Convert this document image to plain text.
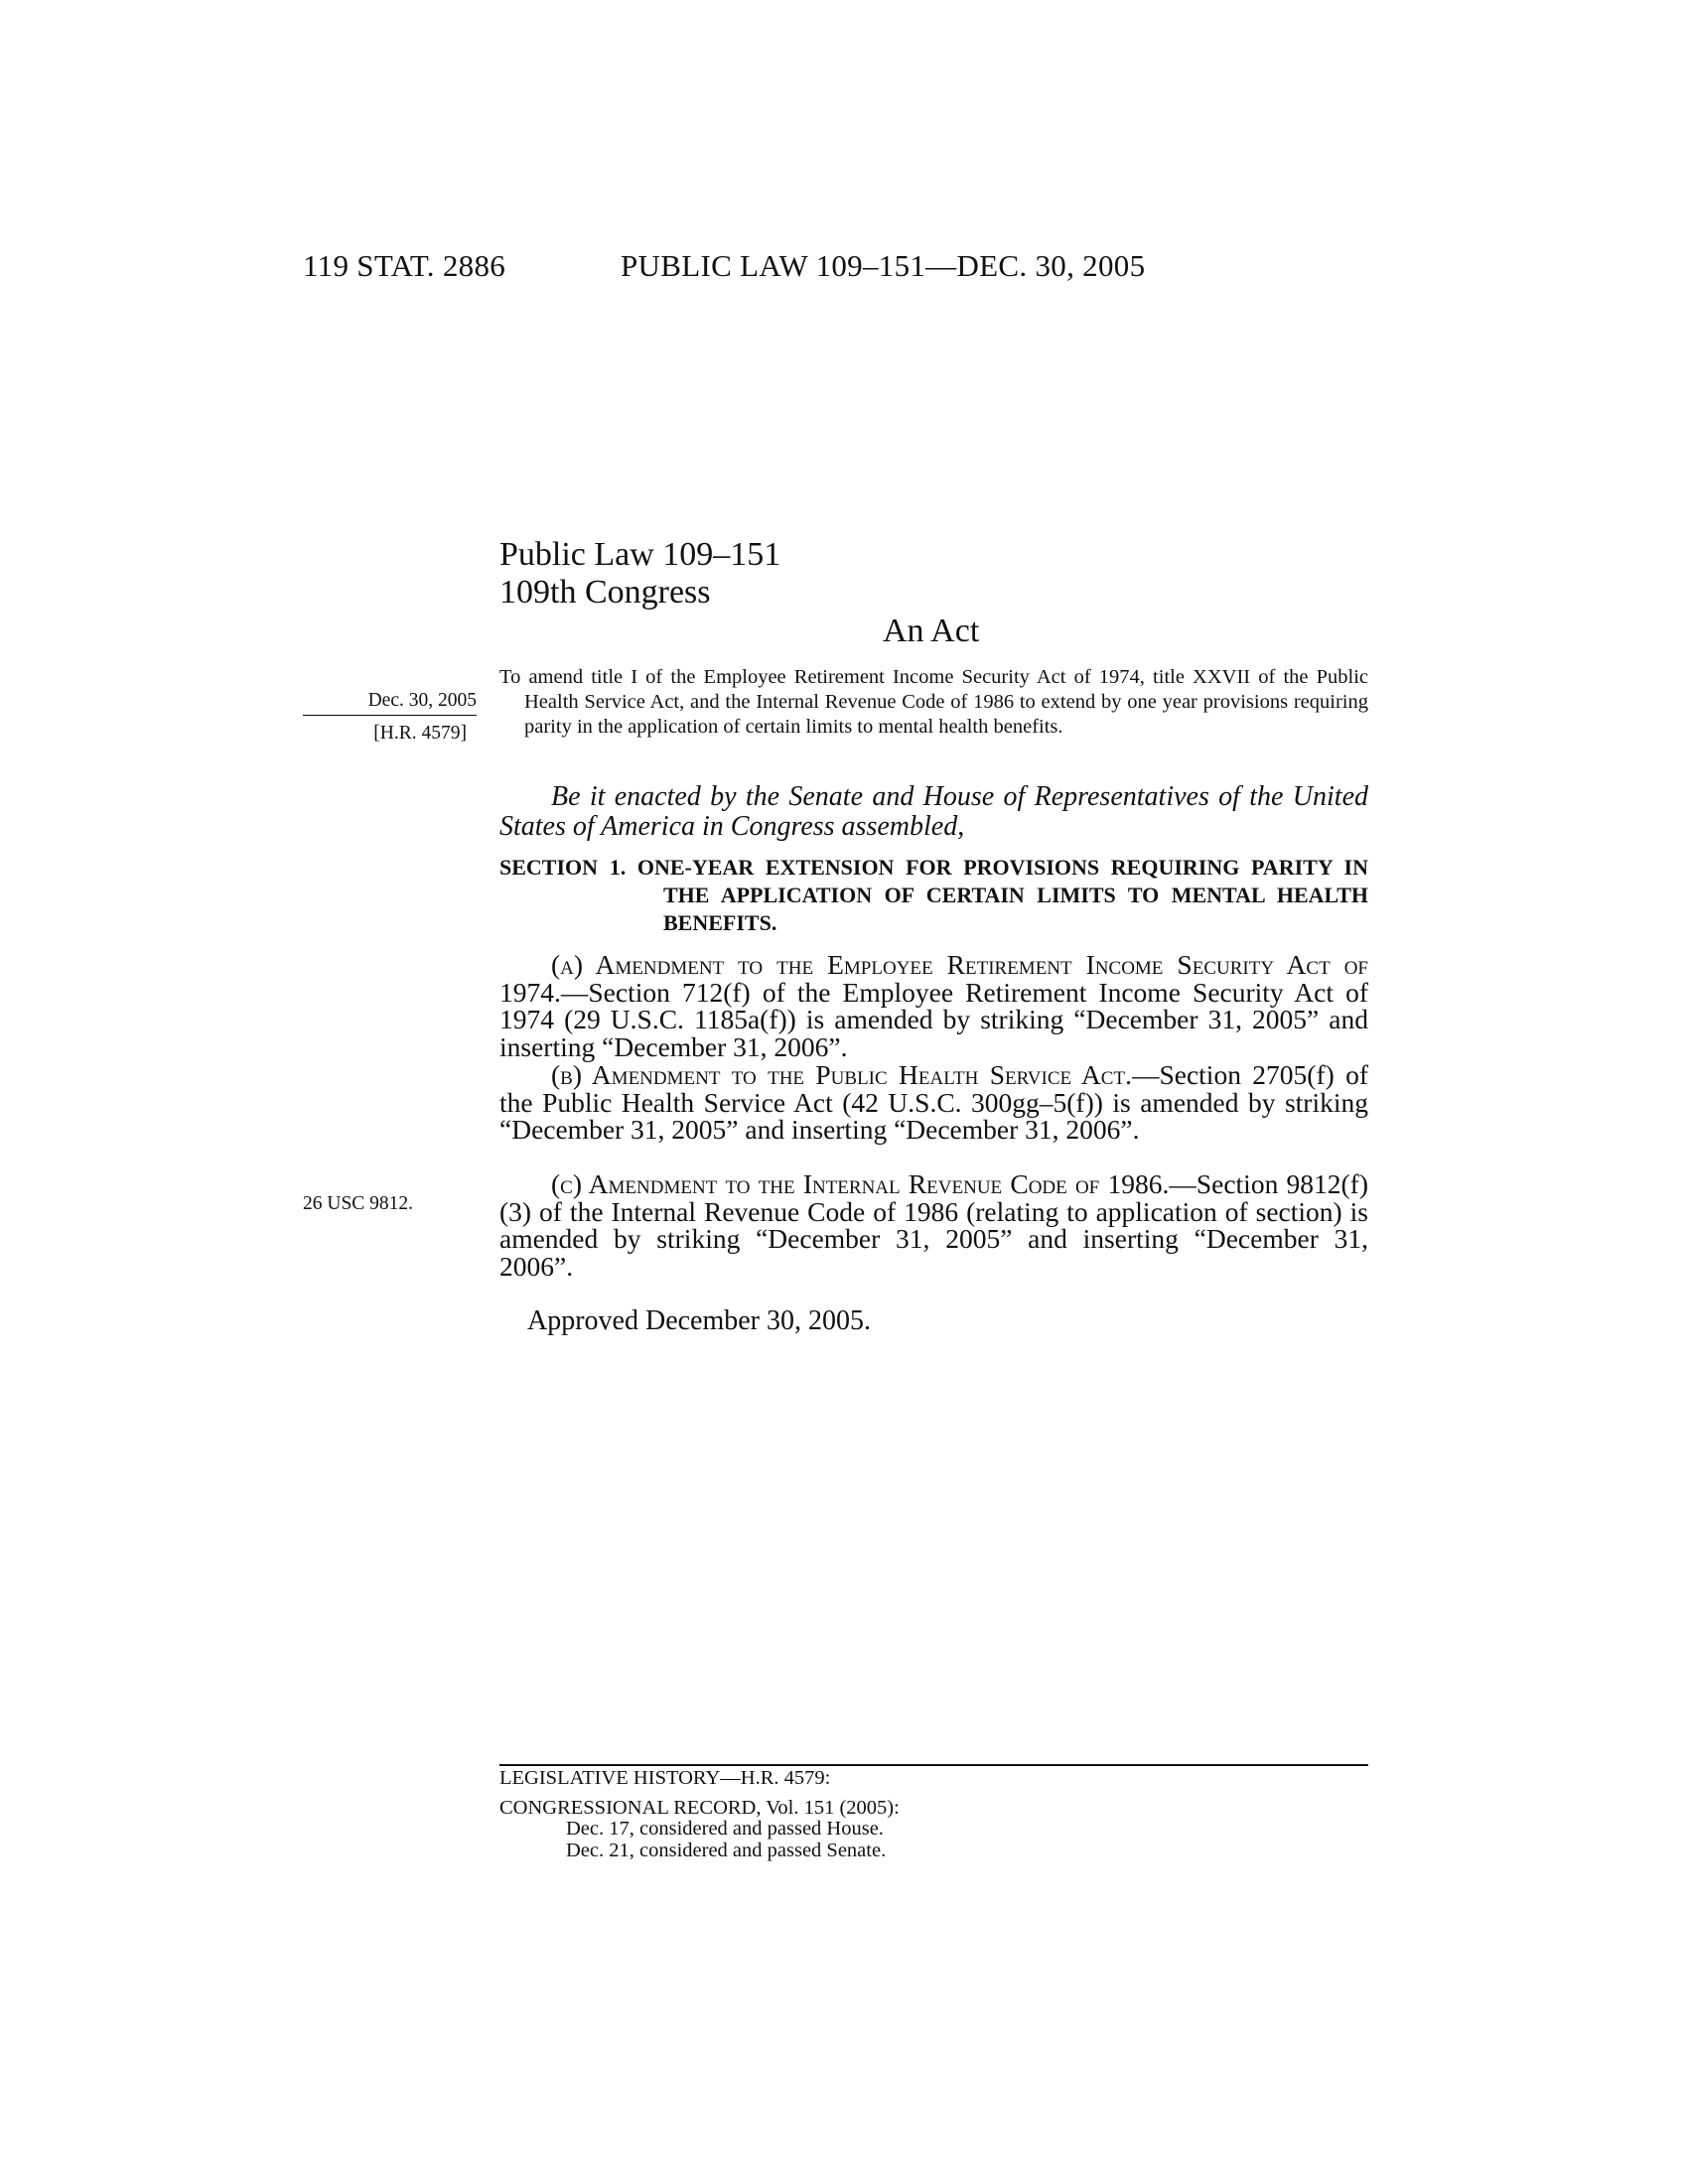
119 STAT. 2886	PUBLIC LAW 109–151—DEC. 30, 2005
Public Law 109–151
109th Congress
An Act
Dec. 30, 2005
[H.R. 4579]
To amend title I of the Employee Retirement Income Security Act of 1974, title XXVII of the Public Health Service Act, and the Internal Revenue Code of 1986 to extend by one year provisions requiring parity in the application of certain limits to mental health benefits.
Be it enacted by the Senate and House of Representatives of the United States of America in Congress assembled,
SECTION 1. ONE-YEAR EXTENSION FOR PROVISIONS REQUIRING PARITY IN THE APPLICATION OF CERTAIN LIMITS TO MENTAL HEALTH BENEFITS.
(a) Amendment to the Employee Retirement Income Security Act of 1974.—Section 712(f) of the Employee Retirement Income Security Act of 1974 (29 U.S.C. 1185a(f)) is amended by striking “December 31, 2005” and inserting “December 31, 2006”.
(b) Amendment to the Public Health Service Act.—Section 2705(f) of the Public Health Service Act (42 U.S.C. 300gg–5(f)) is amended by striking “December 31, 2005” and inserting “December 31, 2006”.
(c) Amendment to the Internal Revenue Code of 1986.—Section 9812(f)(3) of the Internal Revenue Code of 1986 (relating to application of section) is amended by striking “December 31, 2005” and inserting “December 31, 2006”.
26 USC 9812.
Approved December 30, 2005.
LEGISLATIVE HISTORY—H.R. 4579:
CONGRESSIONAL RECORD, Vol. 151 (2005):
Dec. 17, considered and passed House.
Dec. 21, considered and passed Senate.
